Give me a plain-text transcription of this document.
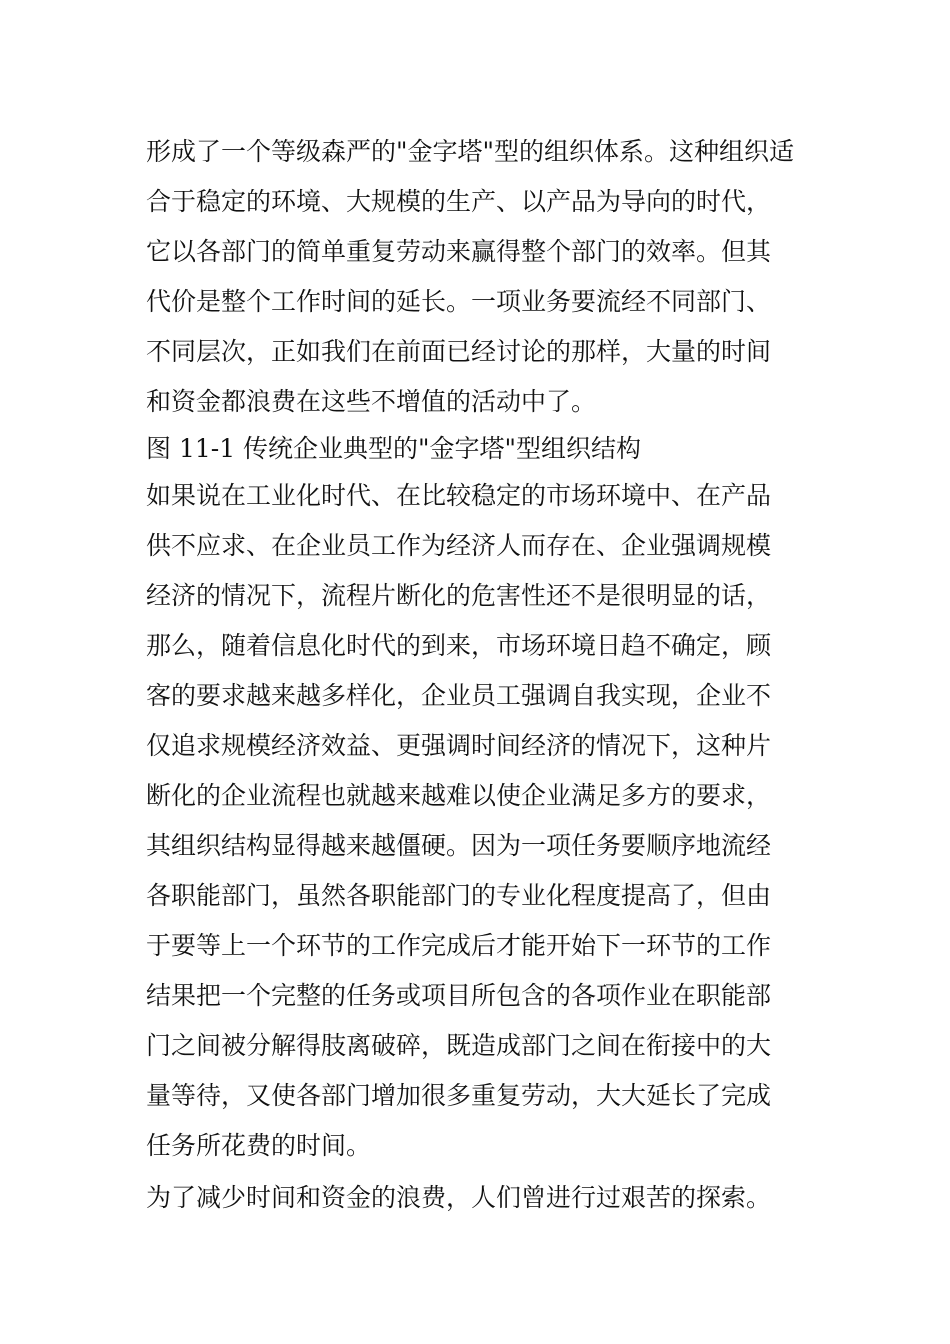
形成了一个等级森严的"金字塔"型的组织体系。这种组织适
合于稳定的环境、大规模的生产、以产品为导向的时代，
它以各部门的简单重复劳动来赢得整个部门的效率。但其
代价是整个工作时间的延长。一项业务要流经不同部门、
不同层次，正如我们在前面已经讨论的那样，大量的时间
和资金都浪费在这些不增值的活动中了。
图 11-1 传统企业典型的"金字塔"型组织结构
如果说在工业化时代、在比较稳定的市场环境中、在产品
供不应求、在企业员工作为经济人而存在、企业强调规模
经济的情况下，流程片断化的危害性还不是很明显的话，
那么，随着信息化时代的到来，市场环境日趋不确定，顾
客的要求越来越多样化，企业员工强调自我实现，企业不
仅追求规模经济效益、更强调时间经济的情况下，这种片
断化的企业流程也就越来越难以使企业满足多方的要求，
其组织结构显得越来越僵硬。因为一项任务要顺序地流经
各职能部门，虽然各职能部门的专业化程度提高了，但由
于要等上一个环节的工作完成后才能开始下一环节的工作
结果把一个完整的任务或项目所包含的各项作业在职能部
门之间被分解得肢离破碎，既造成部门之间在衔接中的大
量等待，又使各部门增加很多重复劳动，大大延长了完成
任务所花费的时间。
为了减少时间和资金的浪费，人们曾进行过艰苦的探索。
